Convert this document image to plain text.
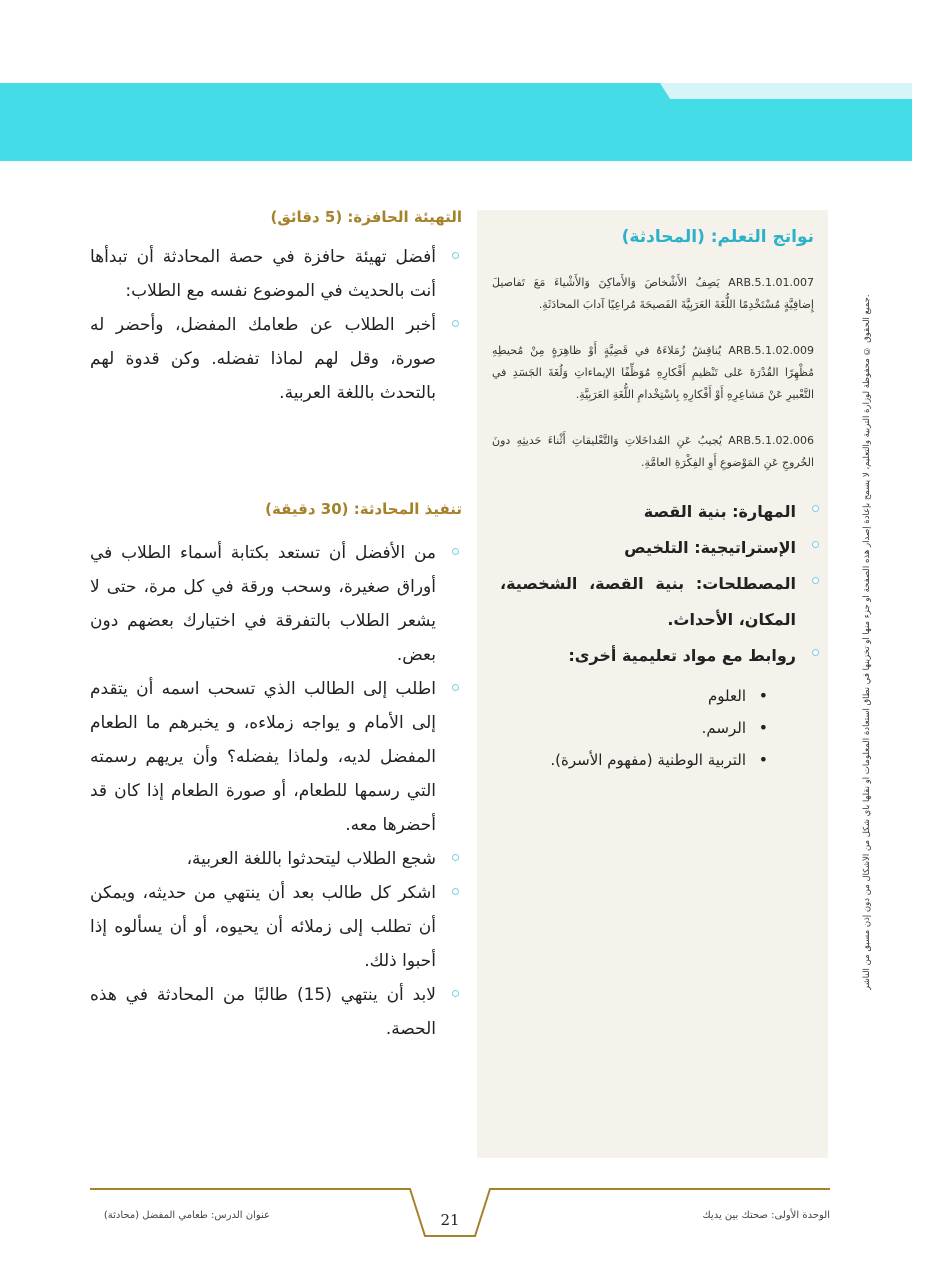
التهيئة الحافزة: (5 دقائق)
أفضل تهيئة حافزة في حصة المحادثة أن تبدأها أنت بالحديث في الموضوع نفسه مع الطلاب:
أخبر الطلاب عن طعامك المفضل، وأحضر له صورة، وقل لهم لماذا تفضله. وكن قدوة لهم بالتحدث باللغة العربية.
تنفيذ المحادثة: (30 دقيقة)
من الأفضل أن تستعد بكتابة أسماء الطلاب في أوراق صغيرة، وسحب ورقة في كل مرة، حتى لا يشعر الطلاب بالتفرقة في اختيارك بعضهم دون بعض.
اطلب إلى الطالب الذي تسحب اسمه أن يتقدم إلى الأمام و يواجه زملاءه، و يخبرهم ما الطعام المفضل لديه، ولماذا يفضله؟ وأن يريهم رسمته التي رسمها للطعام، أو صورة الطعام إذا كان قد أحضرها معه.
شجع الطلاب ليتحدثوا باللغة العربية،
اشكر كل طالب بعد أن ينتهي من حديثه، ويمكن أن تطلب إلى زملائه أن يحيوه، أو أن يسألوه إذا أحبوا ذلك.
لابد أن ينتهي (15) طالبًا من المحادثة في هذه الحصة.
نواتج التعلم: (المحادثة)

ARB.5.1.01.007 يَصِفُ الأَشْخاصَ وَالأَماكِنَ وَالأَشْياءَ مَعَ تَفاصيلَ إِضافِيَّةٍ مُسْتَخْدِمًا اللُّغَةَ العَرَبِيَّةَ الفَصيحَةَ مُراعِيًا آدابَ المحادَثَةِ.

ARB.5.1.02.009 يُناقِشُ زُمَلاءَهُ في قَضِيَّةٍ أَوْ ظاهِرَةٍ مِنْ مُحيطِهِ مُظْهِرًا القُدْرَةَ عَلى تَنْظيمِ أَفْكارِهِ مُوَظِّفًا الإيماءاتِ وَلُغَةَ الجَسَدِ في التَّعْبيرِ عَنْ مَشاعِرِهِ أَوْ أَفْكارِهِ بِاسْتِخْدامِ اللُّغَةِ العَرَبِيَّةِ.

ARB.5.1.02.006 يُجيبُ عَنِ المُداخَلاتِ وَالتَّعْليقاتِ أَثْناءَ حَديثِهِ دونَ الخُروجِ عَنِ المَوْضوعِ أَوِ الفِكْرَةِ العامَّةِ.

المهارة: بنية القصة
الإستراتيجية: التلخيص
المصطلحات: بنية القصة، الشخصية، المكان، الأحداث.
روابط مع مواد تعليمية أخرى:
• العلوم
• الرسم.
• التربية الوطنية (مفهوم الأسرة).	جميع الحقوق © محفوظة لوزارة التربية والتعليم، لا يسمح بإعادة إصدار هذه الصفحة أو جزء منها أو تخزينها في نطاق استعادة المعلومات أو نقلها بأي شكل من الأشكال من دون إذن مسبق من الناشر.
عنوان الدرس: طعامي المفضل (محادثة)	21	الوحدة الأولى: صحتك بين يديك
